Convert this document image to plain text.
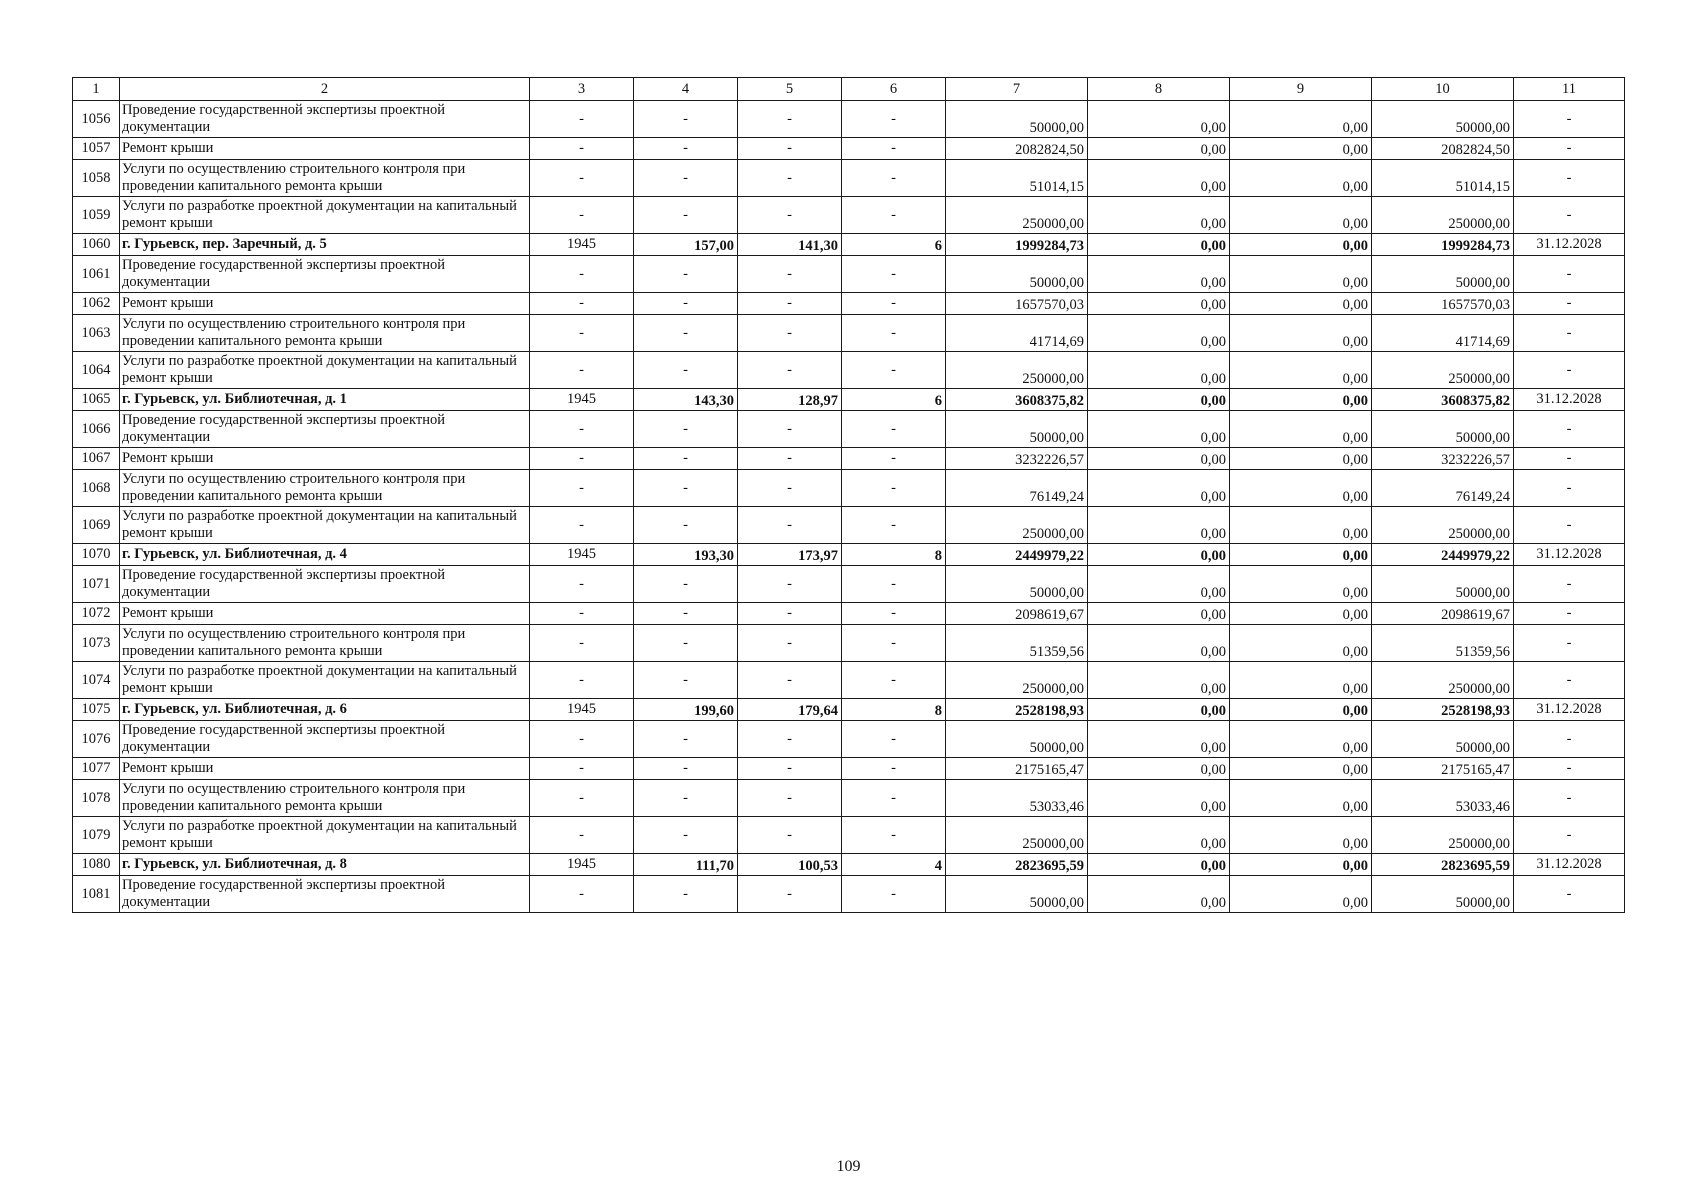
1	2	3	4	5	6	7	8	9	10	11
1056	Проведение государственной экспертизы проектной документации	-	-	-	-	50000,00	0,00	0,00	50000,00	-
1057	Ремонт крыши	-	-	-	-	2082824,50	0,00	0,00	2082824,50	-
1058	Услуги по осуществлению строительного контроля при проведении капитального ремонта крыши	-	-	-	-	51014,15	0,00	0,00	51014,15	-
1059	Услуги по разработке проектной документации на капитальный ремонт крыши	-	-	-	-	250000,00	0,00	0,00	250000,00	-
1060	г. Гурьевск, пер. Заречный, д. 5	1945	157,00	141,30	6	1999284,73	0,00	0,00	1999284,73	31.12.2028
1061	Проведение государственной экспертизы проектной документации	-	-	-	-	50000,00	0,00	0,00	50000,00	-
1062	Ремонт крыши	-	-	-	-	1657570,03	0,00	0,00	1657570,03	-
1063	Услуги по осуществлению строительного контроля при проведении капитального ремонта крыши	-	-	-	-	41714,69	0,00	0,00	41714,69	-
1064	Услуги по разработке проектной документации на капитальный ремонт крыши	-	-	-	-	250000,00	0,00	0,00	250000,00	-
1065	г. Гурьевск, ул. Библиотечная, д. 1	1945	143,30	128,97	6	3608375,82	0,00	0,00	3608375,82	31.12.2028
1066	Проведение государственной экспертизы проектной документации	-	-	-	-	50000,00	0,00	0,00	50000,00	-
1067	Ремонт крыши	-	-	-	-	3232226,57	0,00	0,00	3232226,57	-
1068	Услуги по осуществлению строительного контроля при проведении капитального ремонта крыши	-	-	-	-	76149,24	0,00	0,00	76149,24	-
1069	Услуги по разработке проектной документации на капитальный ремонт крыши	-	-	-	-	250000,00	0,00	0,00	250000,00	-
1070	г. Гурьевск, ул. Библиотечная, д. 4	1945	193,30	173,97	8	2449979,22	0,00	0,00	2449979,22	31.12.2028
1071	Проведение государственной экспертизы проектной документации	-	-	-	-	50000,00	0,00	0,00	50000,00	-
1072	Ремонт крыши	-	-	-	-	2098619,67	0,00	0,00	2098619,67	-
1073	Услуги по осуществлению строительного контроля при проведении капитального ремонта крыши	-	-	-	-	51359,56	0,00	0,00	51359,56	-
1074	Услуги по разработке проектной документации на капитальный ремонт крыши	-	-	-	-	250000,00	0,00	0,00	250000,00	-
1075	г. Гурьевск, ул. Библиотечная, д. 6	1945	199,60	179,64	8	2528198,93	0,00	0,00	2528198,93	31.12.2028
1076	Проведение государственной экспертизы проектной документации	-	-	-	-	50000,00	0,00	0,00	50000,00	-
1077	Ремонт крыши	-	-	-	-	2175165,47	0,00	0,00	2175165,47	-
1078	Услуги по осуществлению строительного контроля при проведении капитального ремонта крыши	-	-	-	-	53033,46	0,00	0,00	53033,46	-
1079	Услуги по разработке проектной документации на капитальный ремонт крыши	-	-	-	-	250000,00	0,00	0,00	250000,00	-
1080	г. Гурьевск, ул. Библиотечная, д. 8	1945	111,70	100,53	4	2823695,59	0,00	0,00	2823695,59	31.12.2028
1081	Проведение государственной экспертизы проектной документации	-	-	-	-	50000,00	0,00	0,00	50000,00	-
109
